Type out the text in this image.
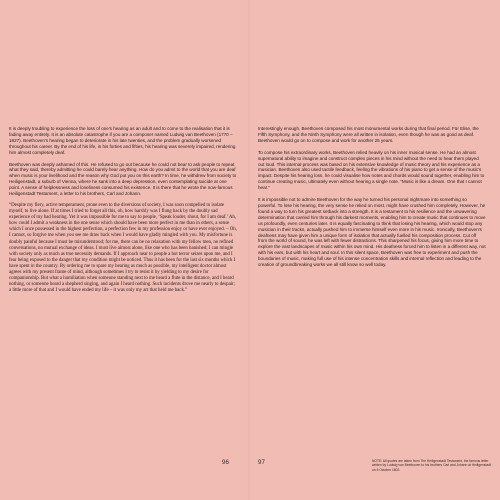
It is deeply troubling to experience the loss of one's hearing as an adult and to come to the realisation that it is fading away entirely. It is an absolute catastrophe if you are a composer named Ludwig van Beethoven (1770 – 1827). Beethoven's hearing began to deteriorate in his late twenties, and the problem gradually worsened throughout his career. By the end of his life, in his forties and fifties, his hearing was severely impaired, rendering him almost completely deaf.

Beethoven was deeply ashamed of this. He refused to go out because he could not bear to ask people to repeat what they said, thereby admitting he could barely hear anything. How do you admit to the world that you are deaf when music is your livelihood and the reason why God put you on this earth? In time, he withdrew from society to Heiligenstadt, a suburb of Vienna, where he sank into a deep depression, even contemplating suicide at one point. A sense of helplessness and loneliness consumed his existence. It is there that he wrote the now-famous Heiligenstadt Testament, a letter to his brothers, Carl and Johann.

“Despite my fiery, active temperament, prone even to the diversions of society, I was soon compelled to isolate myself, to live alone. If at times I tried to forget all this, oh, how harshly was I flung back by the doubly sad experience of my bad hearing. Yet it was impossible for me to say to people, ‘Speak louder, shout, for I am deaf.’ Ah, how could I admit a weakness in the one sense which should have been more perfect in me than in others, a sense which I once possessed in the highest perfection, a perfection few in my profession enjoy or have ever enjoyed. – Oh, I cannot, so forgive me when you see me draw back when I would have gladly mingled with you. My misfortune is doubly painful because I must be misunderstood; for me, there can be no relaxation with my fellow men, no refined conversations, no mutual exchange of ideas. I must live almost alone, like one who has been banished; I can mingle with society only as much as true necessity demands. If I approach near to people a hot terror seizes upon me, and I fear being exposed to the danger that my condition might be noticed. Thus it has been for the last six months which I have spent in the country. By ordering me to spare my hearing as much as possible, my intelligent doctor almost agrees with my present frame of mind, although sometimes I try to resist it by yielding to my desire for companionship. But what a humiliation when someone standing next to me heard a flute in the distance, and I heard nothing, or someone heard a shepherd singing, and again I heard nothing. Such incidents drove me nearly to despair; a little more of that and I would have ended my life – it was only my art that held me back.”

Interestingly enough, Beethoven composed his most monumental works during that final period. Für Elise, the Fifth Symphony, and the Ninth Symphony were all written in isolation, even though he was as good as deaf. Beethoven would go on to compose and work for another 25 years.

To compose his extraordinary works, Beethoven relied heavily on his inner musical sense. He had an almost supernatural ability to imagine and construct complex pieces in his mind without the need to hear them played out loud. This internal process was based on his extensive knowledge of music theory and his experience as a musician. Beethoven also used tactile feedback, feeling the vibrations of his piano to get a sense of the music's impact. Despite his hearing loss, he could visualise how notes and chords would sound together, enabling him to continue creating music, ultimately even without hearing a single note. “Music is like a dream. One that I cannot hear.”

It is impossible not to admire Beethoven for the way he turned his personal nightmare into something so powerful. To lose his hearing, the very sense he relied on most, might have crushed him completely. However, he found a way to turn his greatest setback into a strength. It is a testament to his resilience and the unwavering determination that carried him through his darkest moments, enabling him to create music that continues to move us profoundly, even centuries later. It is equally fascinating to think that losing his hearing, which would stop any musician in their tracks, actually pushed him to immerse himself even more in his music. Ironically, Beethoven's deafness may have given him a unique form of isolation that actually fuelled his composition process. Cut off from the world of sound, he was left with fewer distractions. This sharpened his focus, giving him more time to explore the vast landscapes of music within his own mind. His deafness forced him to listen in a different way, not with his ears, but with his heart and soul. In this silent space, Beethoven was free to experiment and push the boundaries of music, making full use of his intense concentration skills and internal reflection and leading to the creation of groundbreaking works we all still know so well today.

96	97	NOTE: All quotes are taken from The Heiligenstadt Testament, the famous letter written by Ludwig van Beethoven to his brothers Carl and Johann at Heiligenstadt on 6 October 1802.
